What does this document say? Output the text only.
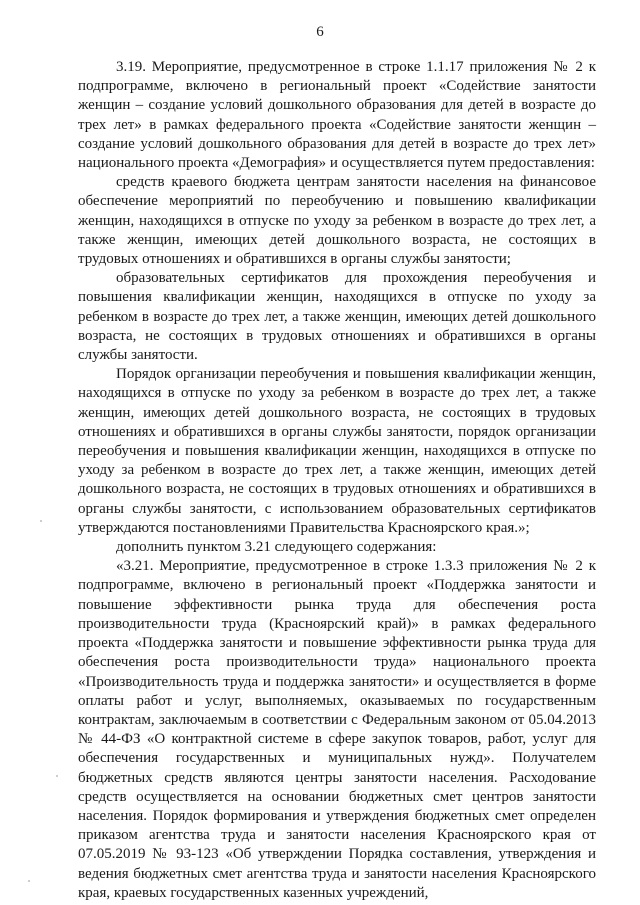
6

3.19. Мероприятие, предусмотренное в строке 1.1.17 приложения № 2 к подпрограмме, включено в региональный проект «Содействие занятости женщин – создание условий дошкольного образования для детей в возрасте до трех лет» в рамках федерального проекта «Содействие занятости женщин – создание условий дошкольного образования для детей в возрасте до трех лет» национального проекта «Демография» и осуществляется путем предоставления:

средств краевого бюджета центрам занятости населения на финансовое обеспечение мероприятий по переобучению и повышению квалификации женщин, находящихся в отпуске по уходу за ребенком в возрасте до трех лет, а также женщин, имеющих детей дошкольного возраста, не состоящих в трудовых отношениях и обратившихся в органы службы занятости;

образовательных сертификатов для прохождения переобучения и повышения квалификации женщин, находящихся в отпуске по уходу за ребенком в возрасте до трех лет, а также женщин, имеющих детей дошкольного возраста, не состоящих в трудовых отношениях и обратившихся в органы службы занятости.

Порядок организации переобучения и повышения квалификации женщин, находящихся в отпуске по уходу за ребенком в возрасте до трех лет, а также женщин, имеющих детей дошкольного возраста, не состоящих в трудовых отношениях и обратившихся в органы службы занятости, порядок организации переобучения и повышения квалификации женщин, находящихся в отпуске по уходу за ребенком в возрасте до трех лет, а также женщин, имеющих детей дошкольного возраста, не состоящих в трудовых отношениях и обратившихся в органы службы занятости, с использованием образовательных сертификатов утверждаются постановлениями Правительства Красноярского края.»;

дополнить пунктом 3.21 следующего содержания:

«3.21. Мероприятие, предусмотренное в строке 1.3.3 приложения № 2 к подпрограмме, включено в региональный проект «Поддержка занятости и повышение эффективности рынка труда для обеспечения роста производительности труда (Красноярский край)» в рамках федерального проекта «Поддержка занятости и повышение эффективности рынка труда для обеспечения роста производительности труда» национального проекта «Производительность труда и поддержка занятости» и осуществляется в форме оплаты работ и услуг, выполняемых, оказываемых по государственным контрактам, заключаемым в соответствии с Федеральным законом от 05.04.2013 № 44-ФЗ «О контрактной системе в сфере закупок товаров, работ, услуг для обеспечения государственных и муниципальных нужд». Получателем бюджетных средств являются центры занятости населения. Расходование средств осуществляется на основании бюджетных смет центров занятости населения. Порядок формирования и утверждения бюджетных смет определен приказом агентства труда и занятости населения Красноярского края от 07.05.2019 № 93-123 «Об утверждении Порядка составления, утверждения и ведения бюджетных смет агентства труда и занятости населения Красноярского края, краевых государственных казенных учреждений,
